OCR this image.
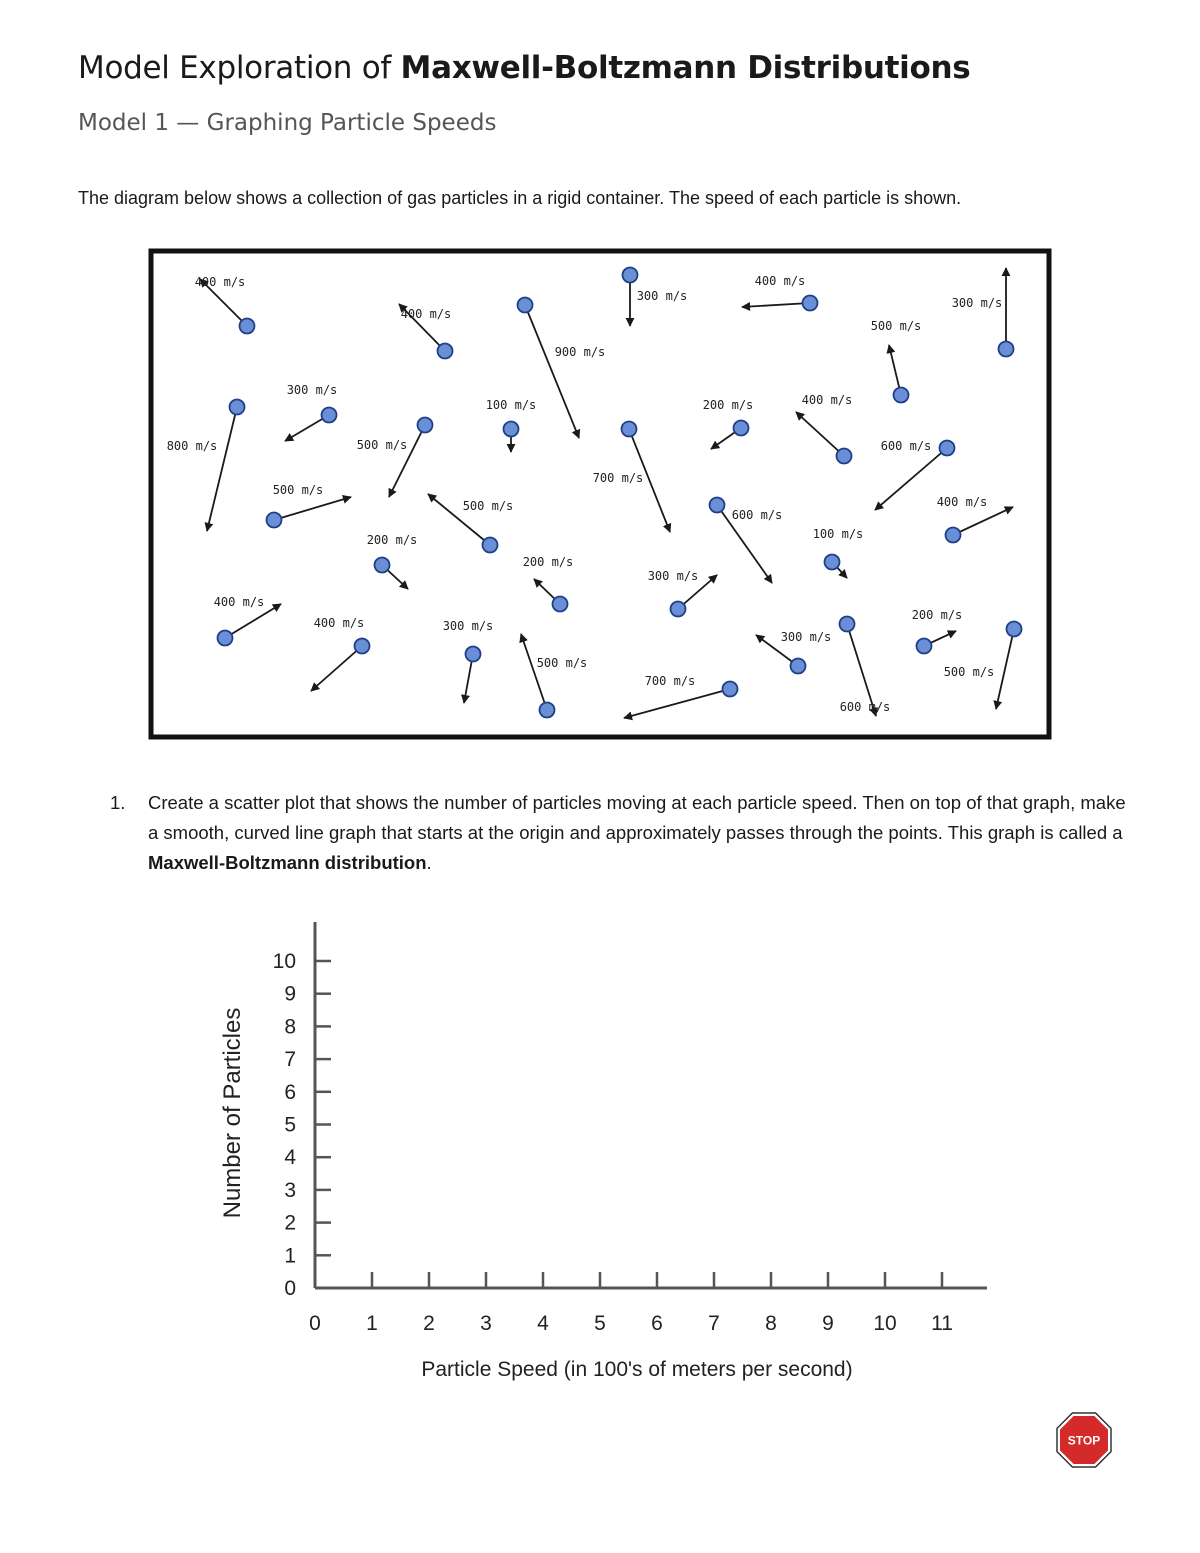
Model Exploration of Maxwell-Boltzmann Distributions
Model 1 — Graphing Particle Speeds

The diagram below shows a collection of gas particles in a rigid container. The speed of each particle is shown.

400 m/s
400 m/s
900 m/s
300 m/s
400 m/s
300 m/s
500 m/s
800 m/s
300 m/s
500 m/s
100 m/s
700 m/s
200 m/s	400 m/s
600 m/s
500 m/s
500 m/s
600 m/s
400 m/s
200 m/s
200 m/s
300 m/s
100 m/s
400 m/s
400 m/s	300 m/s
500 m/s
700 m/s
300 m/s
600 m/s
200 m/s
500 m/s
1. Create a scatter plot that shows the number of particles moving at each particle speed. Then on top of that graph, make a smooth, curved line graph that starts at the origin and approximately passes through the points. This graph is called a Maxwell-Boltzmann distribution.
0 1 2 3 4 5 6 7 8 9 10 11
0
1
2
3
4
5
6
7
8
9
10
Number of Particles
Particle Speed (in 100's of meters per second)
STOP
